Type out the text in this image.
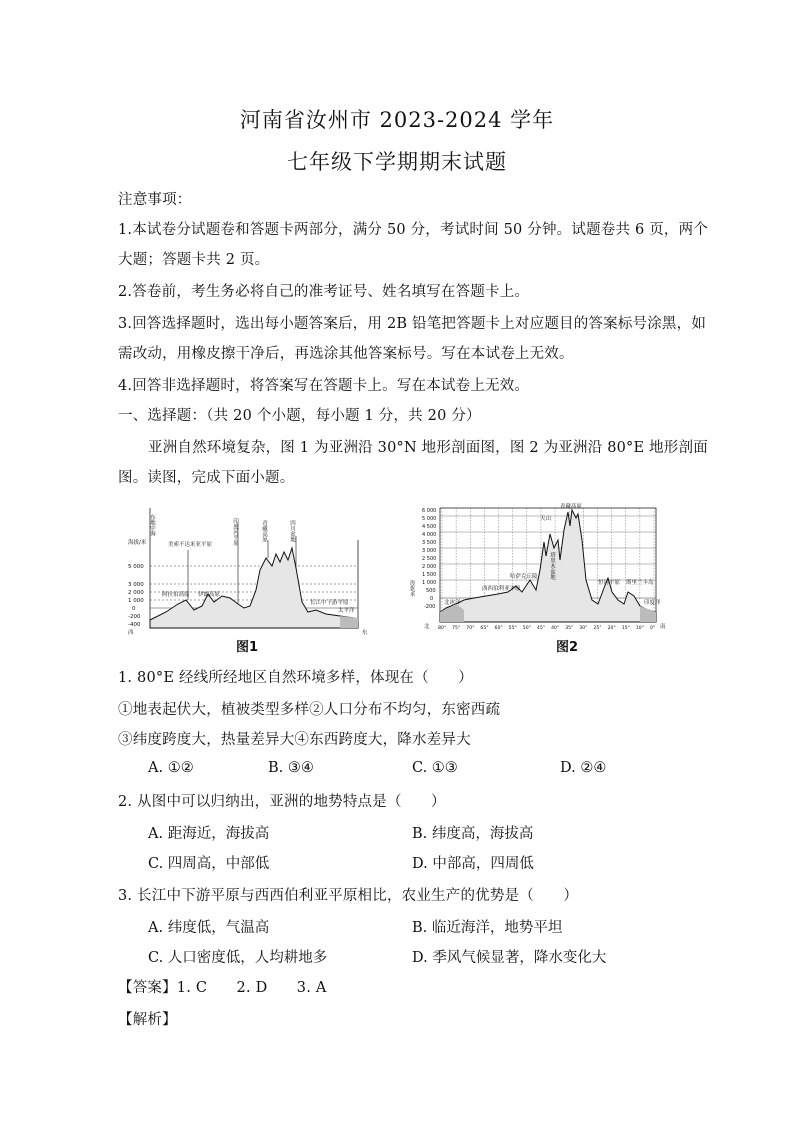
河南省汝州市 2023-2024 学年
七年级下学期期末试题
注意事项：
1.本试卷分试题卷和答题卡两部分，满分 50 分，考试时间 50 分钟。试题卷共 6 页，两个
大题；答题卡共 2 页。
2.答卷前，考生务必将自己的准考证号、姓名填写在答题卡上。
3.回答选择题时，选出每小题答案后，用 2B 铅笔把答题卡上对应题目的答案标号涂黑，如
需改动，用橡皮擦干净后，再选涂其他答案标号。写在本试卷上无效。
4.回答非选择题时，将答案写在答题卡上。写在本试卷上无效。
一、选择题：（共 20 个小题，每小题 1 分，共 20 分）
亚洲自然环境复杂，图 1 为亚洲沿 30°N 地形剖面图，图 2 为亚洲沿 80°E 地形剖面
图。读图，完成下面小题。
海拔/米
5 000
3 000
2 000
1 000
0
-200
-400
东地中海
美索不达米亚平原	印度河平原	青藏高原	四川盆地
阿拉伯高原 伊朗高原
长江中下游平原
太平洋
西	东
图1
海拔/米
6 000
5 000
4 500
4 000
3 500
3 000
2 500
2 000
1 500
1 000
500
0
-200
青藏高原
天山
北冰洋
西西伯利亚平原
哈萨克丘陵 塔里木盆地
恒河平原 斯里兰卡岛
印度洋
北	南
80° 75° 70° 65° 60° 55° 50° 45° 40° 35° 30° 25° 20° 15° 10° 0°
图2
1. 80°E 经线所经地区自然环境多样，体现在（　　）
①地表起伏大，植被类型多样②人口分布不均匀，东密西疏
③纬度跨度大，热量差异大④东西跨度大，降水差异大
A. ①②	B. ③④	C. ①③	D. ②④
2. 从图中可以归纳出，亚洲的地势特点是（　　）
A. 距海近，海拔高	B. 纬度高，海拔高
C. 四周高，中部低	D. 中部高，四周低
3. 长江中下游平原与西西伯利亚平原相比，农业生产的优势是（　　）
A. 纬度低，气温高	B. 临近海洋，地势平坦
C. 人口密度低，人均耕地多	D. 季风气候显著，降水变化大
【答案】1. C　　2. D　　3. A
【解析】
